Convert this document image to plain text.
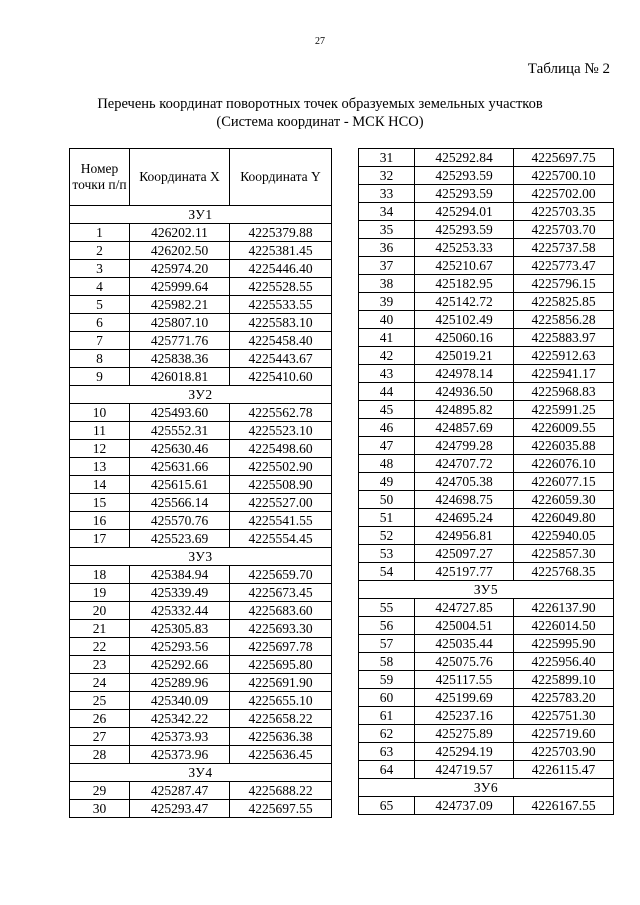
27
Таблица № 2
Перечень координат поворотных точек образуемых земельных участков
(Система координат - МСК НСО)
Номер точки п/п	Координата X	Координата Y
ЗУ1		
1	426202.11	4225379.88
2	426202.50	4225381.45
3	425974.20	4225446.40
4	425999.64	4225528.55
5	425982.21	4225533.55
6	425807.10	4225583.10
7	425771.76	4225458.40
8	425838.36	4225443.67
9	426018.81	4225410.60
ЗУ2		
10	425493.60	4225562.78
11	425552.31	4225523.10
12	425630.46	4225498.60
13	425631.66	4225502.90
14	425615.61	4225508.90
15	425566.14	4225527.00
16	425570.76	4225541.55
17	425523.69	4225554.45
ЗУ3		
18	425384.94	4225659.70
19	425339.49	4225673.45
20	425332.44	4225683.60
21	425305.83	4225693.30
22	425293.56	4225697.78
23	425292.66	4225695.80
24	425289.96	4225691.90
25	425340.09	4225655.10
26	425342.22	4225658.22
27	425373.93	4225636.38
28	425373.96	4225636.45
ЗУ4		
29	425287.47	4225688.22
30	425293.47	4225697.55
31	425292.84	4225697.75
32	425293.59	4225700.10
33	425293.59	4225702.00
34	425294.01	4225703.35
35	425293.59	4225703.70
36	425253.33	4225737.58
37	425210.67	4225773.47
38	425182.95	4225796.15
39	425142.72	4225825.85
40	425102.49	4225856.28
41	425060.16	4225883.97
42	425019.21	4225912.63
43	424978.14	4225941.17
44	424936.50	4225968.83
45	424895.82	4225991.25
46	424857.69	4226009.55
47	424799.28	4226035.88
48	424707.72	4226076.10
49	424705.38	4226077.15
50	424698.75	4226059.30
51	424695.24	4226049.80
52	424956.81	4225940.05
53	425097.27	4225857.30
54	425197.77	4225768.35
ЗУ5		
55	424727.85	4226137.90
56	425004.51	4226014.50
57	425035.44	4225995.90
58	425075.76	4225956.40
59	425117.55	4225899.10
60	425199.69	4225783.20
61	425237.16	4225751.30
62	425275.89	4225719.60
63	425294.19	4225703.90
64	424719.57	4226115.47
ЗУ6		
65	424737.09	4226167.55
